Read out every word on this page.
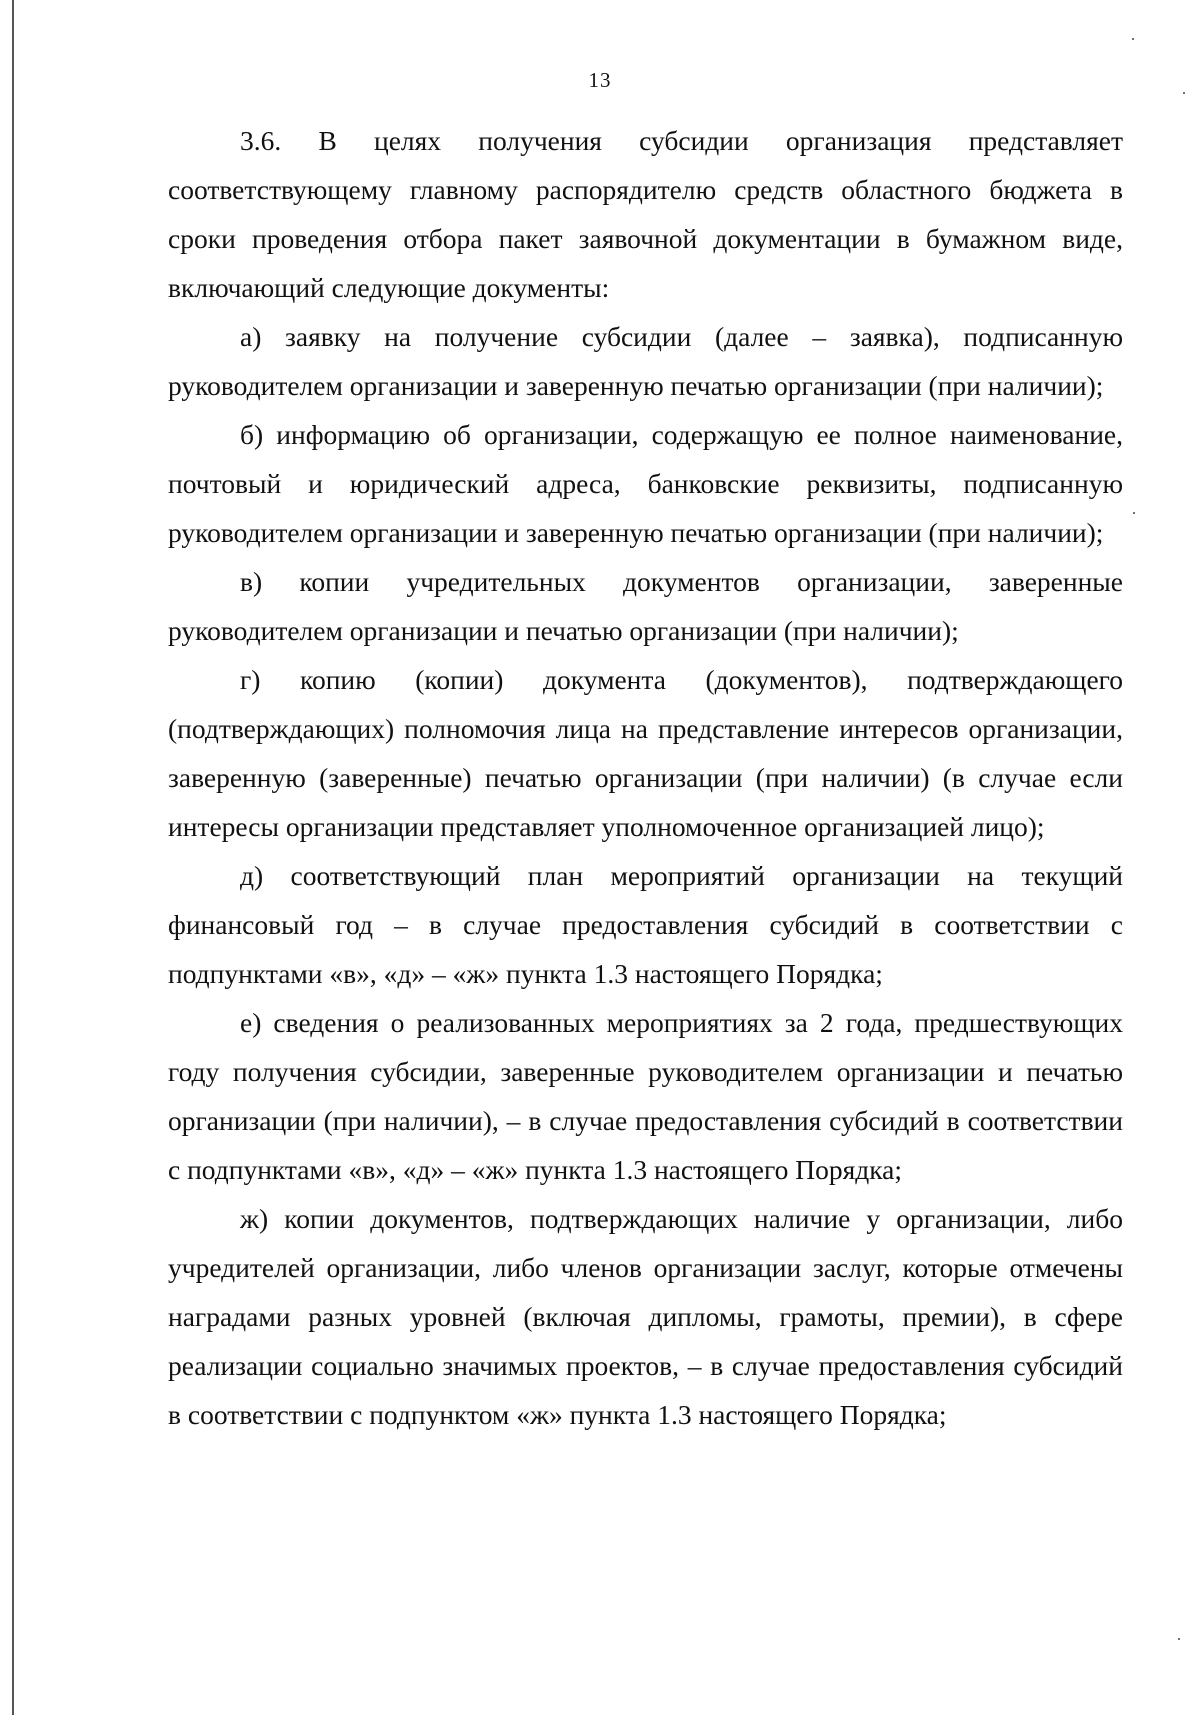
13

3.6. В целях получения субсидии организация представляет соответствующему главному распорядителю средств областного бюджета в сроки проведения отбора пакет заявочной документации в бумажном виде, включающий следующие документы:

а) заявку на получение субсидии (далее – заявка), подписанную руководителем организации и заверенную печатью организации (при наличии);

б) информацию об организации, содержащую ее полное наименование, почтовый и юридический адреса, банковские реквизиты, подписанную руководителем организации и заверенную печатью организации (при наличии);

в) копии учредительных документов организации, заверенные руководителем организации и печатью организации (при наличии);

г) копию (копии) документа (документов), подтверждающего (подтверждающих) полномочия лица на представление интересов организации, заверенную (заверенные) печатью организации (при наличии) (в случае если интересы организации представляет уполномоченное организацией лицо);

д) соответствующий план мероприятий организации на текущий финансовый год – в случае предоставления субсидий в соответствии с подпунктами «в», «д» – «ж» пункта 1.3 настоящего Порядка;

е) сведения о реализованных мероприятиях за 2 года, предшествующих году получения субсидии, заверенные руководителем организации и печатью организации (при наличии), – в случае предоставления субсидий в соответствии с подпунктами «в», «д» – «ж» пункта 1.3 настоящего Порядка;

ж) копии документов, подтверждающих наличие у организации, либо учредителей организации, либо членов организации заслуг, которые отмечены наградами разных уровней (включая дипломы, грамоты, премии), в сфере реализации социально значимых проектов, – в случае предоставления субсидий в соответствии с подпунктом «ж» пункта 1.3 настоящего Порядка;
